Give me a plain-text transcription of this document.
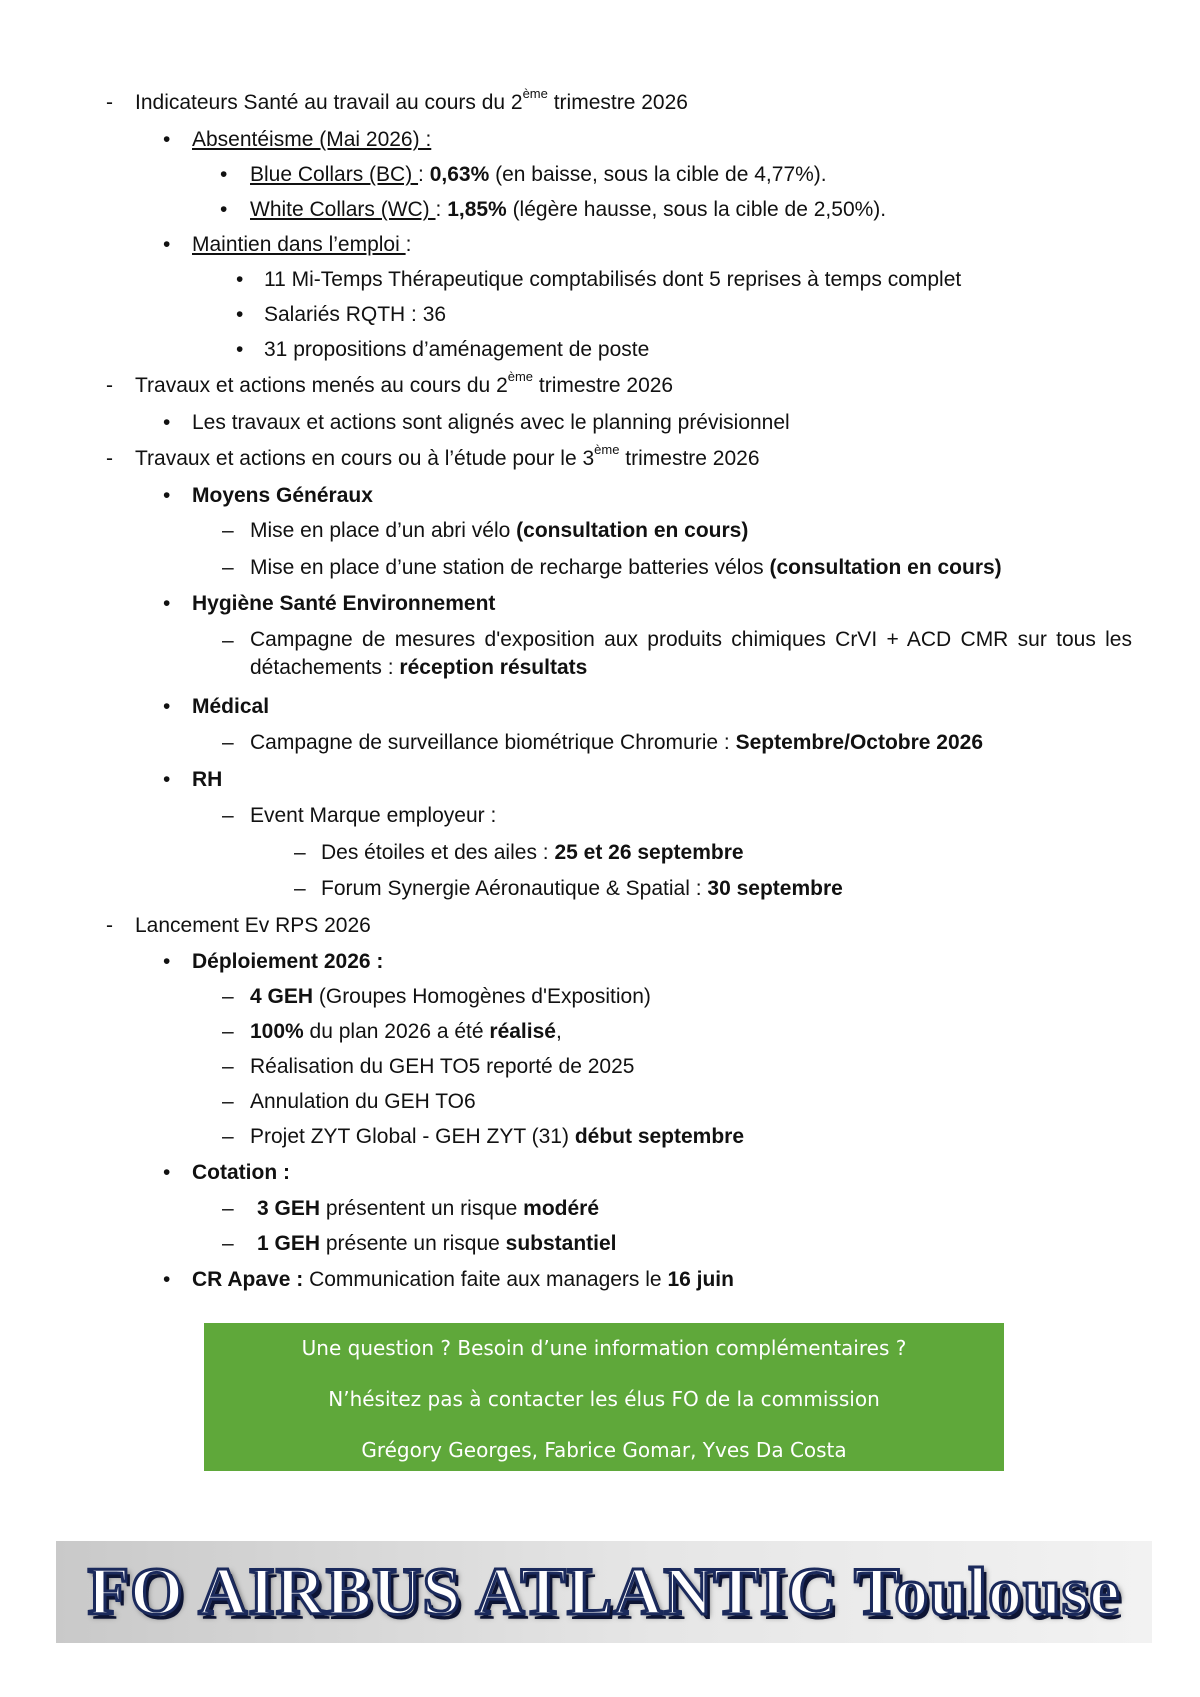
- Indicateurs Santé au travail au cours du 2ème trimestre 2026
• Absentéisme (Mai 2026) :
• Blue Collars (BC) : 0,63% (en baisse, sous la cible de 4,77%).
• White Collars (WC) : 1,85% (légère hausse, sous la cible de 2,50%).
• Maintien dans l’emploi :
• 11 Mi-Temps Thérapeutique comptabilisés dont 5 reprises à temps complet
• Salariés RQTH : 36
• 31 propositions d’aménagement de poste
- Travaux et actions menés au cours du 2ème trimestre 2026
• Les travaux et actions sont alignés avec le planning prévisionnel
- Travaux et actions en cours ou à l’étude pour le 3ème trimestre 2026
• Moyens Généraux
– Mise en place d’un abri vélo (consultation en cours)
– Mise en place d’une station de recharge batteries vélos (consultation en cours)
• Hygiène Santé Environnement
– Campagne de mesures d'exposition aux produits chimiques CrVI + ACD CMR sur tous les détachements : réception résultats
• Médical
– Campagne de surveillance biométrique Chromurie : Septembre/Octobre 2026
• RH
– Event Marque employeur :
– Des étoiles et des ailes : 25 et 26 septembre
– Forum Synergie Aéronautique & Spatial : 30 septembre
- Lancement Ev RPS 2026
• Déploiement 2026 :
– 4 GEH (Groupes Homogènes d'Exposition)
– 100% du plan 2026 a été réalisé,
– Réalisation du GEH TO5 reporté de 2025
– Annulation du GEH TO6
– Projet ZYT Global - GEH ZYT (31) début septembre
• Cotation :
– 3 GEH présentent un risque modéré
– 1 GEH présente un risque substantiel
• CR Apave : Communication faite aux managers le 16 juin
Une question ? Besoin d’une information complémentaires ?
N’hésitez pas à contacter les élus FO de la commission
Grégory Georges, Fabrice Gomar, Yves Da Costa
FO AIRBUS ATLANTIC Toulouse
